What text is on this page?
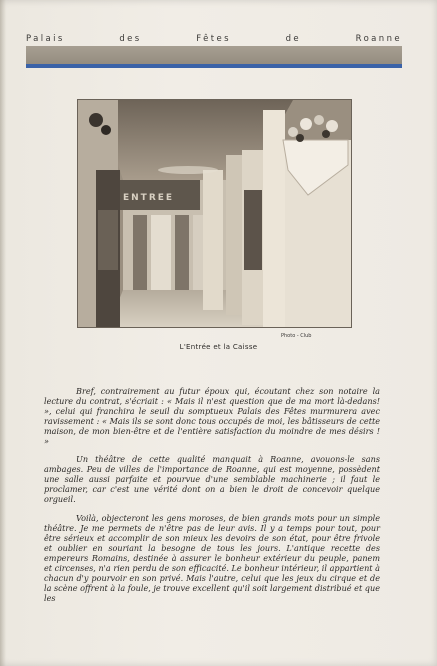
Palais des Fêtes de Roanne
ENTREE
Photo - Club
L'Entrée et la Caisse

Bref, contrairement au futur époux qui, écoutant chez son notaire la lecture du contrat, s'écriait : « Mais il n'est question que de ma mort là-dedans! », celui qui franchira le seuil du somptueux Palais des Fêtes murmurera avec ravissement : « Mais ils se sont donc tous occupés de moi, les bâtisseurs de cette maison, de mon bien-être et de l'entière satisfaction du moindre de mes désirs ! »

Un théâtre de cette qualité manquait à Roanne, avouons-le sans ambages. Peu de villes de l'importance de Roanne, qui est moyenne, possèdent une salle aussi parfaite et pourvue d'une semblable machinerie ; il faut le proclamer, car c'est une vérité dont on a bien le droit de concevoir quelque orgueil.

Voilà, objecteront les gens moroses, de bien grands mots pour un simple théâtre. Je me permets de n'être pas de leur avis. Il y a temps pour tout, pour être sérieux et accomplir de son mieux les devoirs de son état, pour être frivole et oublier en souriant la besogne de tous les jours. L'antique recette des empereurs Romains, destinée à assurer le bonheur extérieur du peuple, panem et circenses, n'a rien perdu de son efficacité. Le bonheur intérieur, il appartient à chacun d'y pourvoir en son privé. Mais l'autre, celui que les jeux du cirque et de la scène offrent à la foule, je trouve excellent qu'il soit largement distribué et que les
